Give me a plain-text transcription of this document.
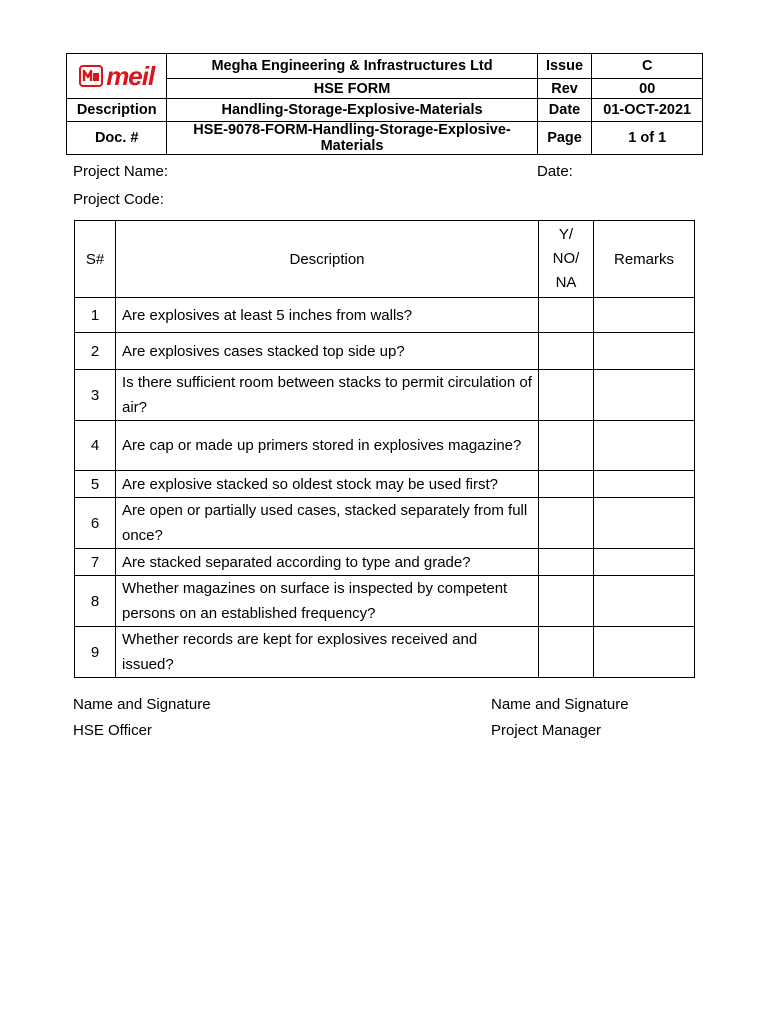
meil	Megha Engineering & Infrastructures Ltd	Issue	C
	HSE FORM	Rev	00
Description	Handling-Storage-Explosive-Materials	Date	01-OCT-2021
Doc. #	HSE-9078-FORM-Handling-Storage-Explosive-Materials	Page	1 of 1
Project Name:	Date:
Project Code:
S#	Description	Y/
NO/
NA	Remarks
1	Are explosives at least 5 inches from walls?		
2	Are explosives cases stacked top side up?		
3	Is there sufficient room between stacks to permit circulation of air?		
4	Are cap or made up primers stored in explosives magazine?		
5	Are explosive stacked so oldest stock may be used first?		
6	Are open or partially used cases, stacked separately from full once?		
7	Are stacked separated according to type and grade?		
8	Whether magazines on surface is inspected by competent persons on an established frequency?		
9	Whether records are kept for explosives received and issued?		
Name and Signature
HSE Officer
Name and Signature
Project Manager
